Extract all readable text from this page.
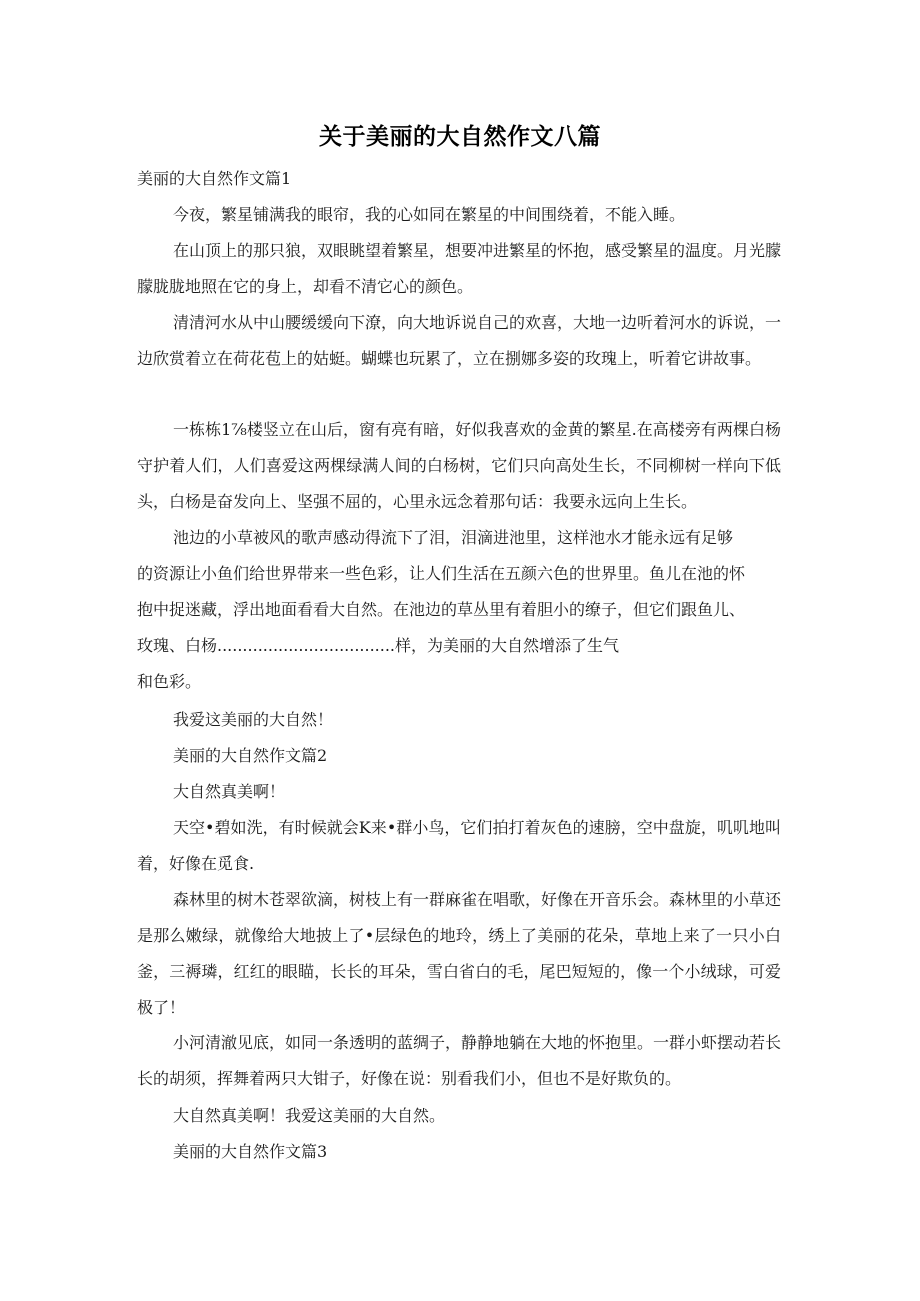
关于美丽的大自然作文八篇
美丽的大自然作文篇1
今夜，繁星铺满我的眼帘，我的心如同在繁星的中间围绕着，不能入睡。
在山顶上的那只狼，双眼眺望着繁星，想要冲进繁星的怀抱，感受繁星的温度。月光朦朦胧胧地照在它的身上，却看不清它心的颜色。
清清河水从中山腰缓缓向下潦，向大地诉说自己的欢喜，大地一边听着河水的诉说，一边欣赏着立在荷花苞上的姑蜓。蝴蝶也玩累了，立在捌娜多姿的玫瑰上，听着它讲故事。
一栋栋1⅞楼竖立在山后，窗有亮有暗，好似我喜欢的金黄的繁星.在高楼旁有两棵白杨守护着人们，人们喜爱这两棵绿满人间的白杨树，它们只向高处生长，不同柳树一样向下低头，白杨是奋发向上、坚强不屈的，心里永远念着那句话：我要永远向上生长。
池边的小草被风的歌声感动得流下了泪，泪滴进池里，这样池水才能永远有足够的资源让小鱼们给世界带来一些色彩，让人们生活在五颜六色的世界里。鱼儿在池的怀抱中捉迷藏，浮出地面看看大自然。在池边的草丛里有着胆小的缭子，但它们跟鱼儿、玫瑰、白杨...................................样，为美丽的大自然增添了生气
和色彩。
我爱这美丽的大自然！
美丽的大自然作文篇2
大自然真美啊！
天空•碧如洗，有时候就会K来•群小鸟，它们拍打着灰色的速膀，空中盘旋，叽叽地叫着，好像在觅食.
森林里的树木苍翠欲滴，树枝上有一群麻雀在唱歌，好像在开音乐会。森林里的小草还是那么嫩绿，就像给大地披上了•层绿色的地玲，绣上了美丽的花朵，草地上来了一只小白釜，三褥璘，红红的眼瞄，长长的耳朵，雪白省白的毛，尾巴短短的，像一个小绒球，可爱极了！
小河清澈见底，如同一条透明的蓝绸子，静静地躺在大地的怀抱里。一群小虾摆动若长长的胡须，挥舞着两只大钳子，好像在说：别看我们小，但也不是好欺负的。
大自然真美啊！我爱这美丽的大自然。
美丽的大自然作文篇3
